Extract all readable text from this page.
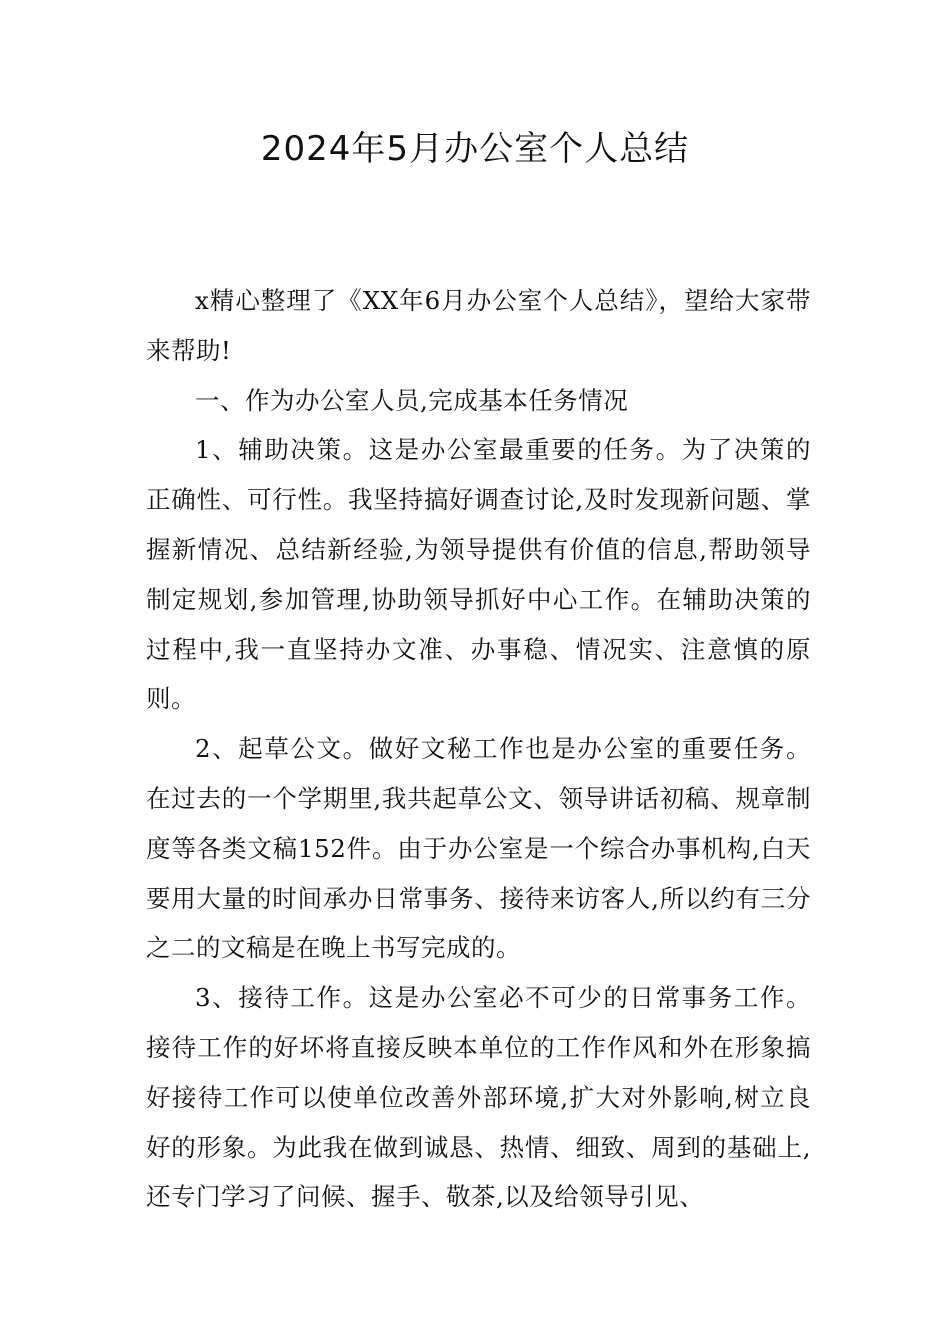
2024年5月办公室个人总结

x精心整理了《XX年6月办公室个人总结》，望给大家带来帮助!

一、作为办公室人员,完成基本任务情况

1、辅助决策。这是办公室最重要的任务。为了决策的正确性、可行性。我坚持搞好调查讨论,及时发现新问题、掌握新情况、总结新经验,为领导提供有价值的信息,帮助领导制定规划,参加管理,协助领导抓好中心工作。在辅助决策的过程中,我一直坚持办文准、办事稳、情况实、注意慎的原则。

2、起草公文。做好文秘工作也是办公室的重要任务。在过去的一个学期里,我共起草公文、领导讲话初稿、规章制度等各类文稿152件。由于办公室是一个综合办事机构,白天要用大量的时间承办日常事务、接待来访客人,所以约有三分之二的文稿是在晚上书写完成的。

3、接待工作。这是办公室必不可少的日常事务工作。接待工作的好坏将直接反映本单位的工作作风和外在形象搞好接待工作可以使单位改善外部环境,扩大对外影响,树立良好的形象。为此我在做到诚恳、热情、细致、周到的基础上,还专门学习了问候、握手、敬茶,以及给领导引见、
